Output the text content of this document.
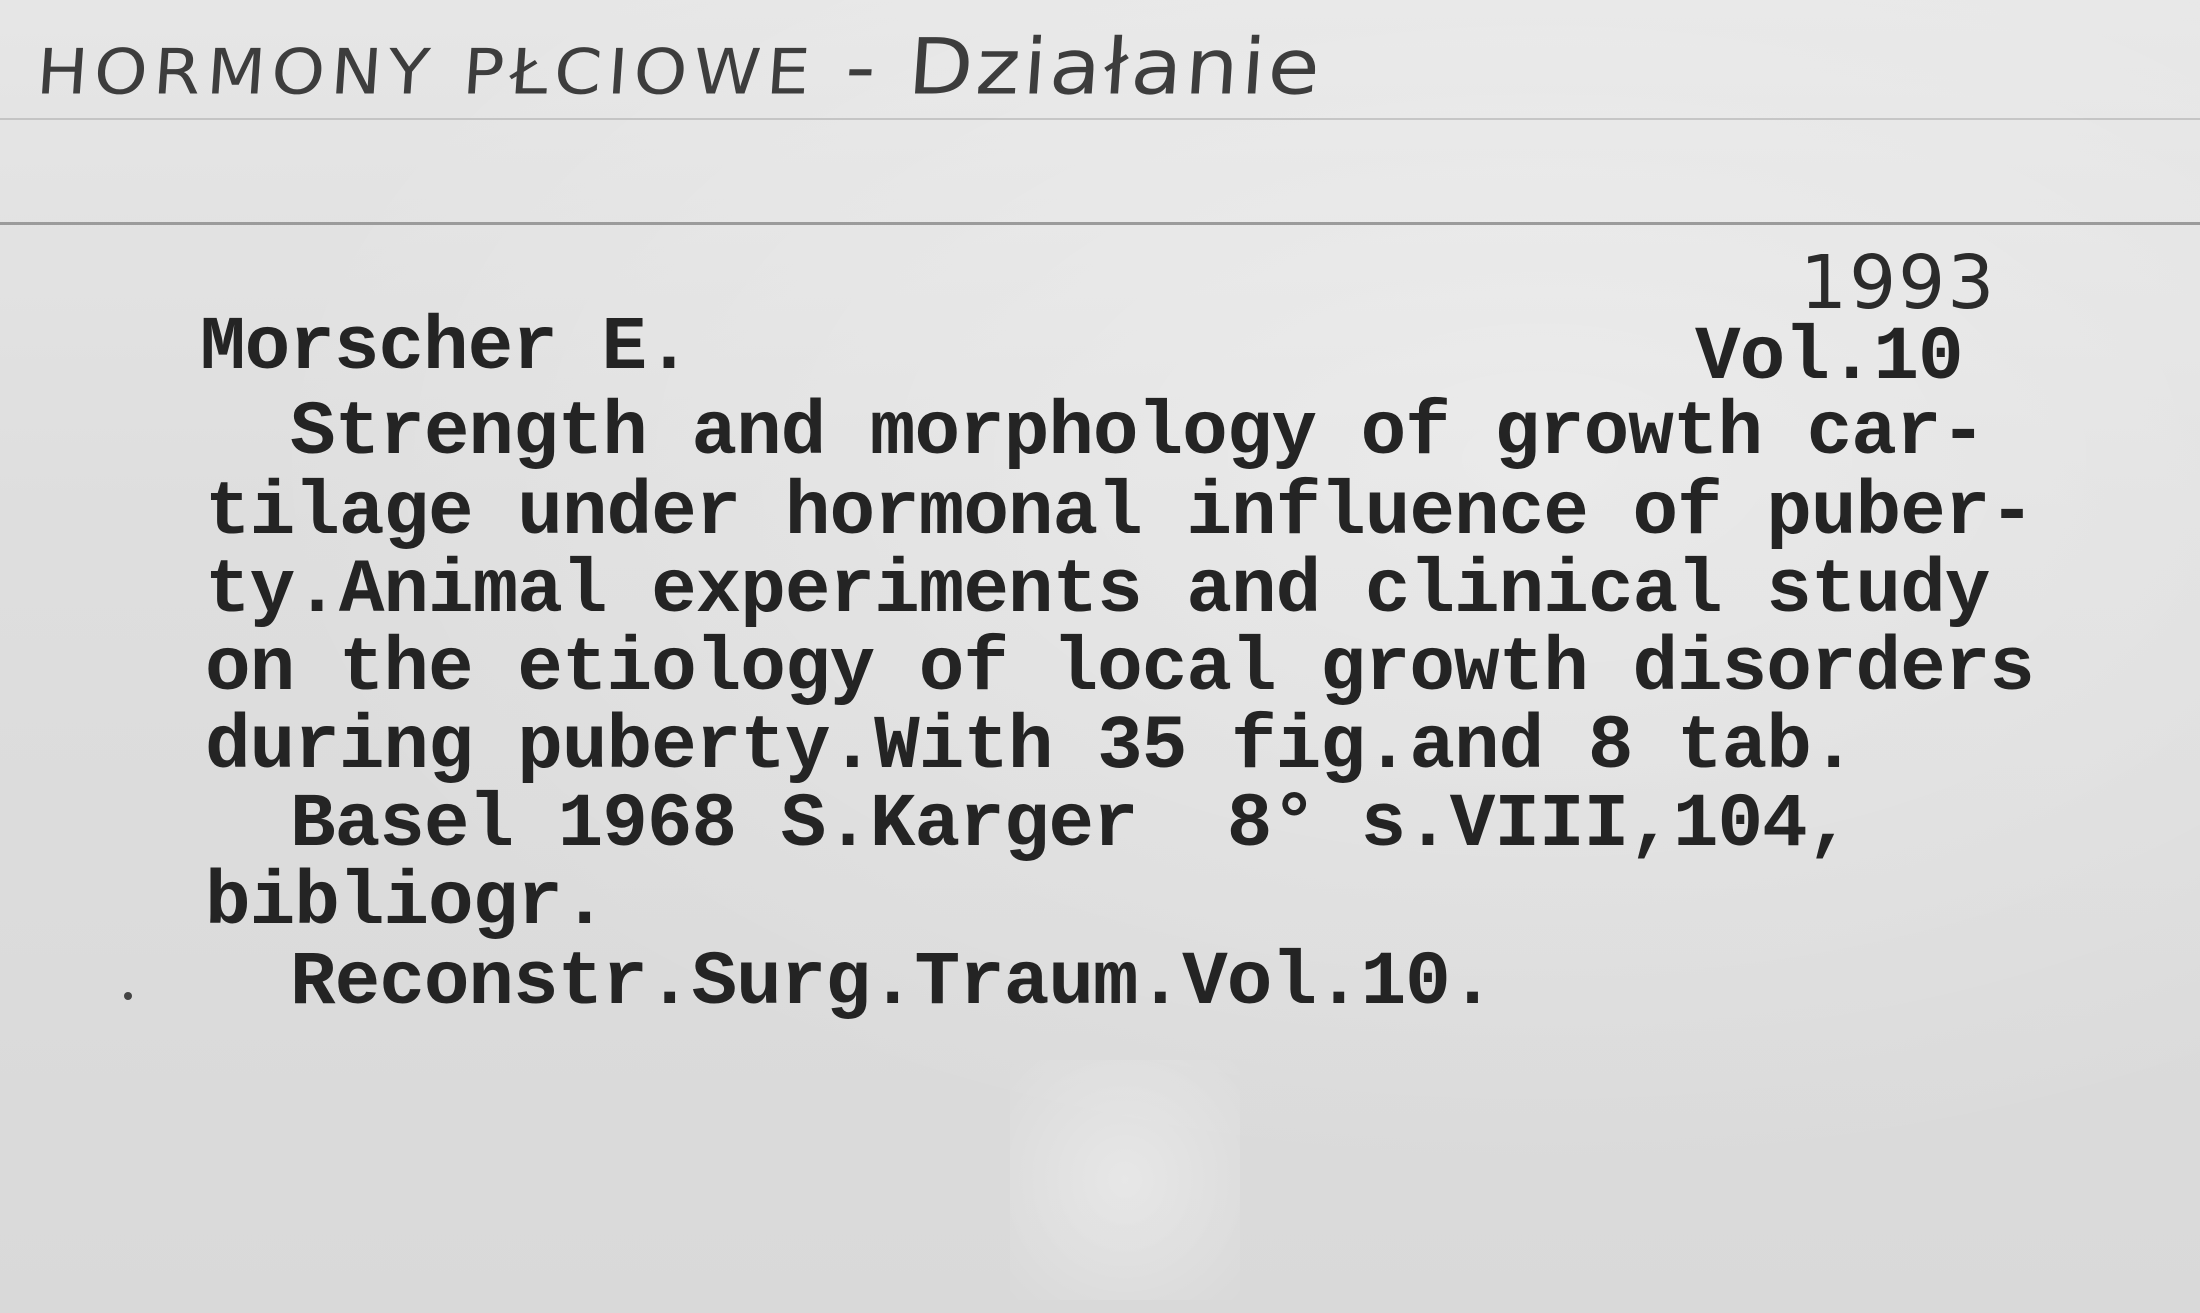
HORMONY PŁCIOWE - Działanie
1993
Morscher E.	Vol.10
Strength and morphology of growth car-
tilage under hormonal influence of puber-
ty.Animal experiments and clinical study
on the etiology of local growth disorders
during puberty.With 35 fig.and 8 tab.
Basel 1968 S.Karger  8° s.VIII,104,
bibliogr.
Reconstr.Surg.Traum.Vol.10.
